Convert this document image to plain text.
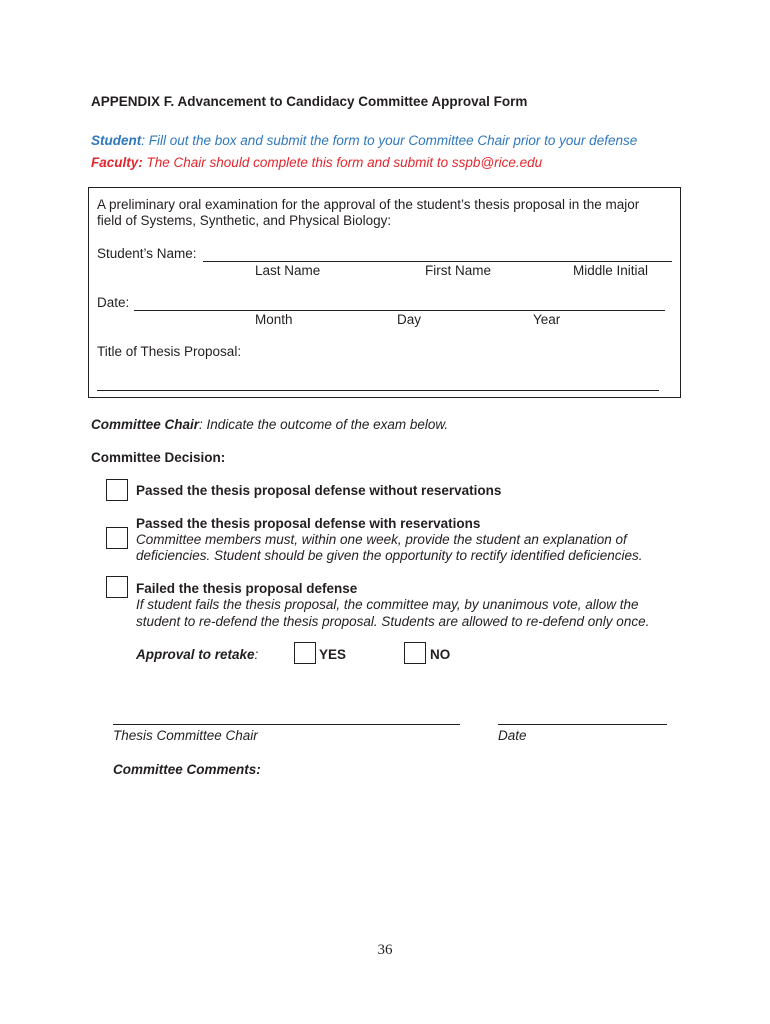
APPENDIX F. Advancement to Candidacy Committee Approval Form
Student: Fill out the box and submit the form to your Committee Chair prior to your defense
Faculty: The Chair should complete this form and submit to sspb@rice.edu
A preliminary oral examination for the approval of the student’s thesis proposal in the major
field of Systems, Synthetic, and Physical Biology:
Student’s Name:
Last Name	First Name	Middle Initial
Date:
Month	Day	Year
Title of Thesis Proposal:
Committee Chair: Indicate the outcome of the exam below.
Committee Decision:
Passed the thesis proposal defense without reservations
Passed the thesis proposal defense with reservations
Committee members must, within one week, provide the student an explanation of
deficiencies. Student should be given the opportunity to rectify identified deficiencies.
Failed the thesis proposal defense
If student fails the thesis proposal, the committee may, by unanimous vote, allow the
student to re-defend the thesis proposal. Students are allowed to re-defend only once.
Approval to retake:	YES	NO
Thesis Committee Chair	Date
Committee Comments:
36
